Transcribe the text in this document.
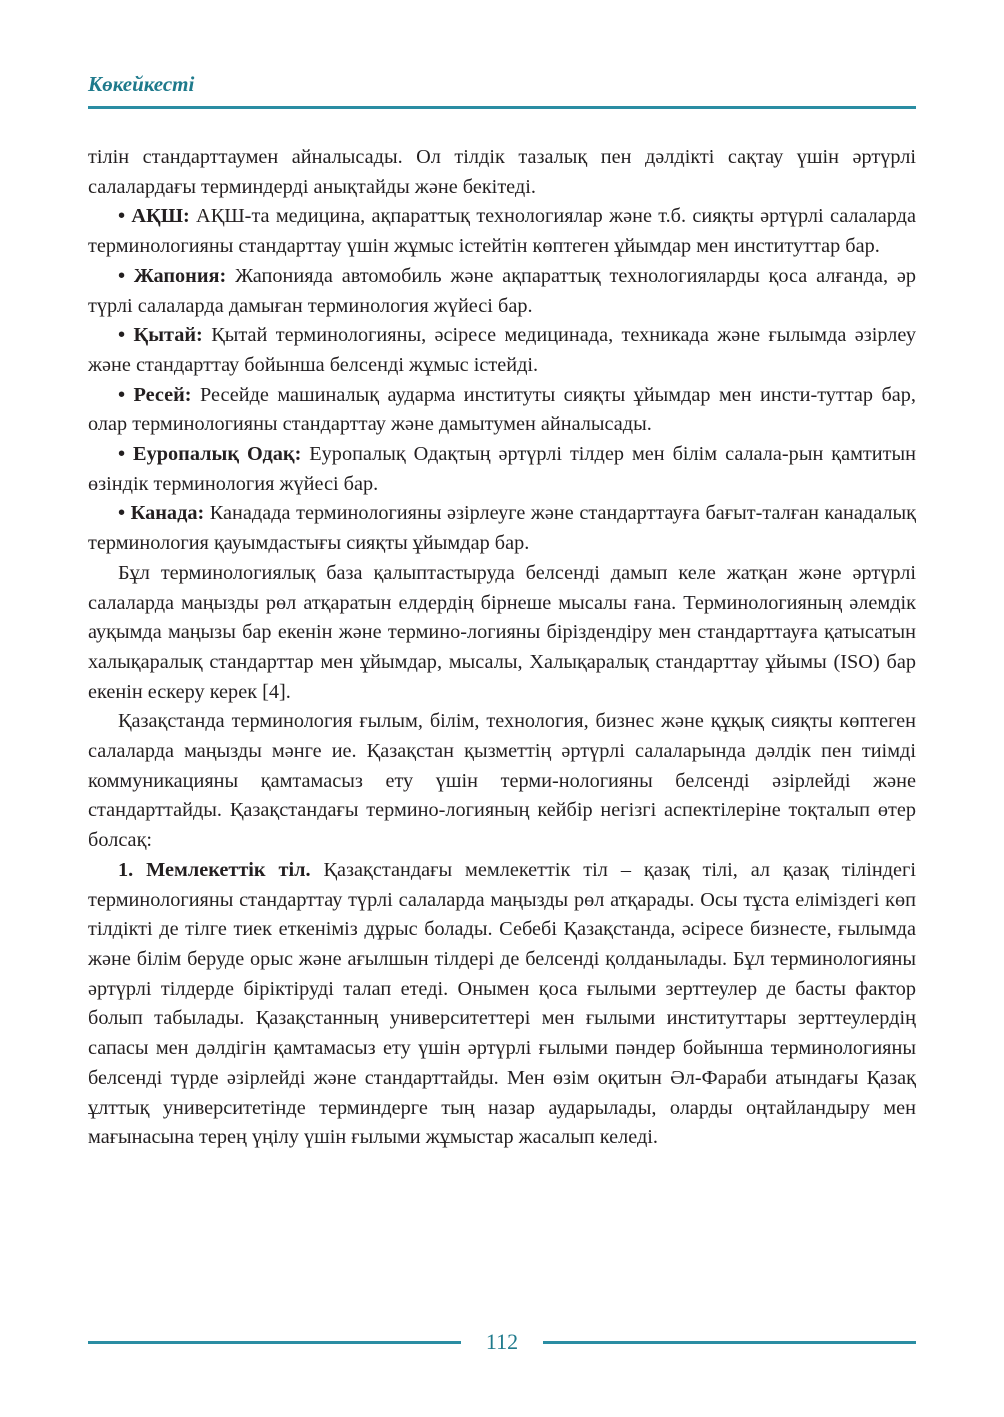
Көкейкесті

тілін стандарттаумен айналысады. Ол тілдік тазалық пен дәлдікті сақтау үшін әртүрлі салалардағы терминдерді анықтайды және бекітеді.

• АҚШ: АҚШ-та медицина, ақпараттық технологиялар және т.б. сияқты әртүрлі салаларда терминологияны стандарттау үшін жұмыс істейтін көптеген ұйымдар мен институттар бар.

• Жапония: Жапонияда автомобиль және ақпараттық технологияларды қоса алғанда, әр түрлі салаларда дамыған терминология жүйесі бар.

• Қытай: Қытай терминологияны, әсіресе медицинада, техникада және ғылымда әзірлеу және стандарттау бойынша белсенді жұмыс істейді.

• Ресей: Ресейде машиналық аударма институты сияқты ұйымдар мен инсти-туттар бар, олар терминологияны стандарттау және дамытумен айналысады.

• Еуропалық Одақ: Еуропалық Одақтың әртүрлі тілдер мен білім салала-рын қамтитын өзіндік терминология жүйесі бар.

• Канада: Канадада терминологияны әзірлеуге және стандарттауға бағыт-талған канадалық терминология қауымдастығы сияқты ұйымдар бар.

Бұл терминологиялық база қалыптастыруда белсенді дамып келе жатқан және әртүрлі салаларда маңызды рөл атқаратын елдердің бірнеше мысалы ғана. Терминологияның әлемдік ауқымда маңызы бар екенін және термино-логияны біріздендіру мен стандарттауға қатысатын халықаралық стандарттар мен ұйымдар, мысалы, Халықаралық стандарттау ұйымы (ISO) бар екенін ескеру керек [4].

Қазақстанда терминология ғылым, білім, технология, бизнес және құқық сияқты көптеген салаларда маңызды мәнге ие. Қазақстан қызметтің әртүрлі салаларында дәлдік пен тиімді коммуникацияны қамтамасыз ету үшін терми-нологияны белсенді әзірлейді және стандарттайды. Қазақстандағы термино-логияның кейбір негізгі аспектілеріне тоқталып өтер болсақ:

1. Мемлекеттік тіл. Қазақстандағы мемлекеттік тіл – қазақ тілі, ал қазақ тіліндегі терминологияны стандарттау түрлі салаларда маңызды рөл атқарады. Осы тұста еліміздегі көп тілдікті де тілге тиек еткеніміз дұрыс болады. Себебі Қазақстанда, әсіресе бизнесте, ғылымда және білім беруде орыс және ағылшын тілдері де белсенді қолданылады. Бұл терминологияны әртүрлі тілдерде біріктіруді талап етеді. Онымен қоса ғылыми зерттеулер де басты фактор болып табылады. Қазақстанның университеттері мен ғылыми институттары зерттеулердің сапасы мен дәлдігін қамтамасыз ету үшін әртүрлі ғылыми пәндер бойынша терминологияны белсенді түрде әзірлейді және стандарттайды. Мен өзім оқитын Әл-Фараби атындағы Қазақ ұлттық университетінде терминдерге тың назар аударылады, оларды оңтайландыру мен мағынасына терең үңілу үшін ғылыми жұмыстар жасалып келеді.

112
